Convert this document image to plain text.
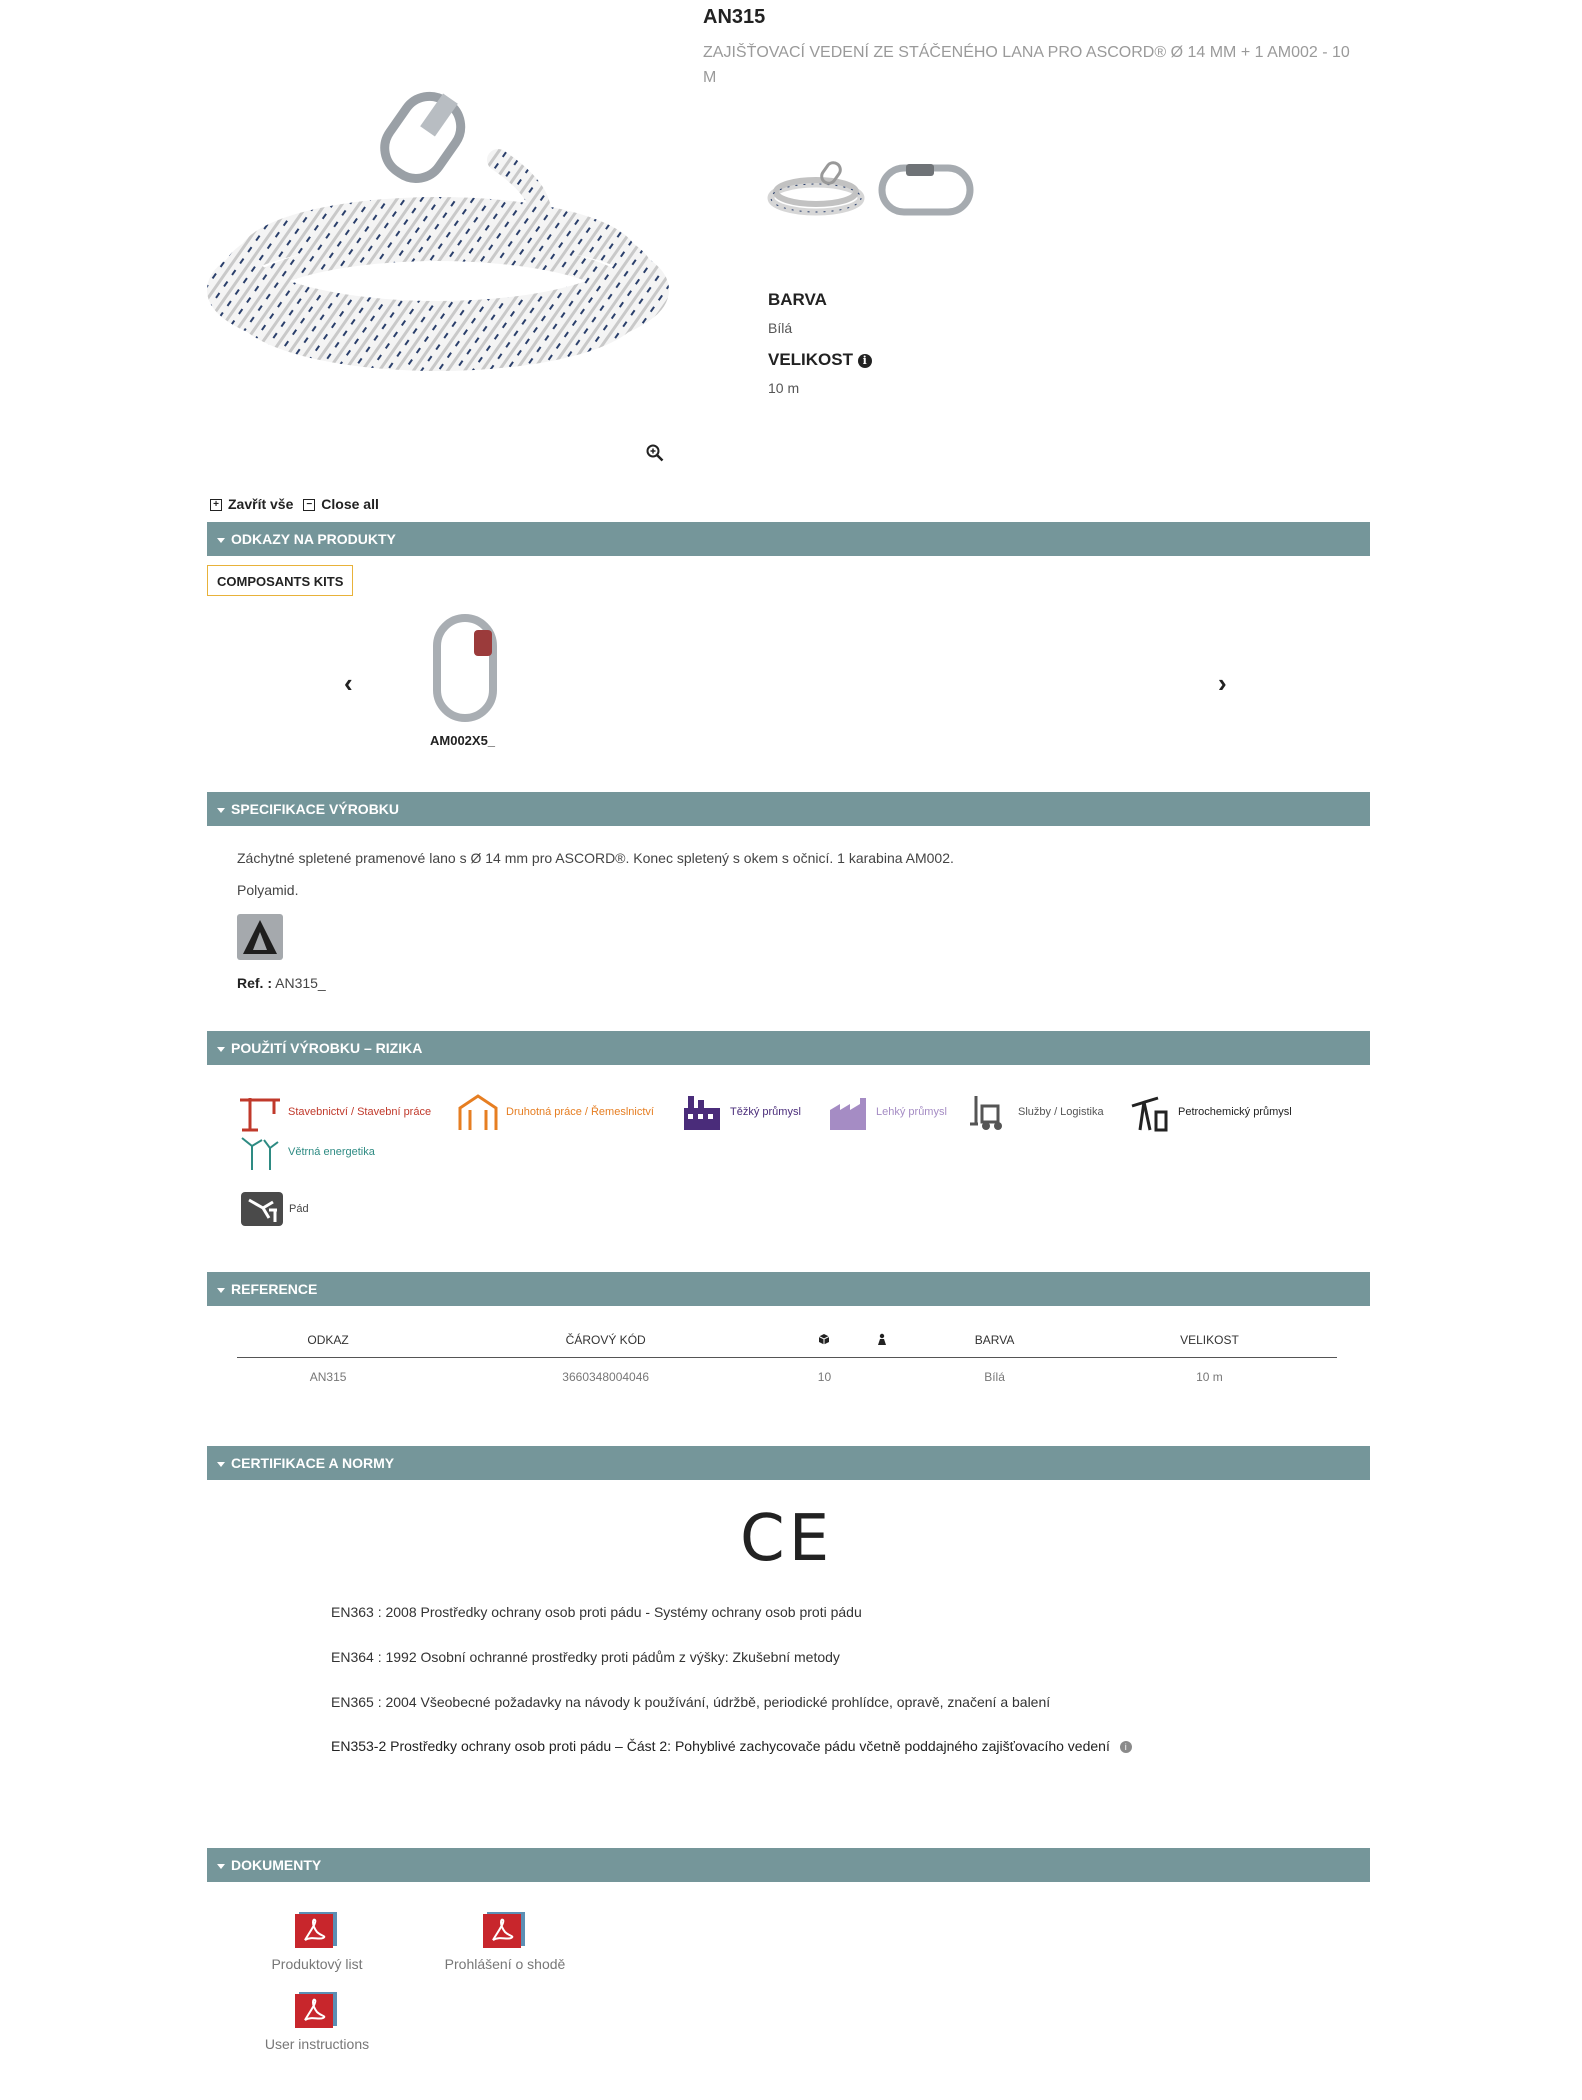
AN315
ZAJIŠŤOVACÍ VEDENÍ ZE STÁČENÉHO LANA PRO ASCORD® Ø 14 MM + 1 AM002 - 10 M
BARVA
Bílá
VELIKOST i
10 m
+ Zavřít vše − Close all
ODKAZY NA PRODUKTY
COMPOSANTS KITS
‹	›
AM002X5_
SPECIFIKACE VÝROBKU
Záchytné spletené pramenové lano s Ø 14 mm pro ASCORD®. Konec spletený s okem s očnicí. 1 karabina AM002.
Polyamid.
Ref. : AN315_
POUŽITÍ VÝROBKU – RIZIKA
Stavebnictví / Stavební práce	Druhotná práce / Řemeslnictví	Těžký průmysl	Lehký průmysl	Služby / Logistika	Petrochemický průmysl
Větrná energetika
Pád
REFERENCE
ODKAZ	ČÁROVÝ KÓD			BARVA	VELIKOST
AN315	3660348004046	10		Bílá	10 m
CERTIFIKACE A NORMY
CE
EN363 : 2008 Prostředky ochrany osob proti pádu - Systémy ochrany osob proti pádu
EN364 : 1992 Osobní ochranné prostředky proti pádům z výšky: Zkušební metody
EN365 : 2004 Všeobecné požadavky na návody k používání, údržbě, periodické prohlídce, opravě, značení a balení
EN353-2 Prostředky ochrany osob proti pádu – Část 2: Pohyblivé zachycovače pádu včetně poddajného zajišťovacího vedení i
DOKUMENTY
Produktový list	Prohlášení o shodě
User instructions
